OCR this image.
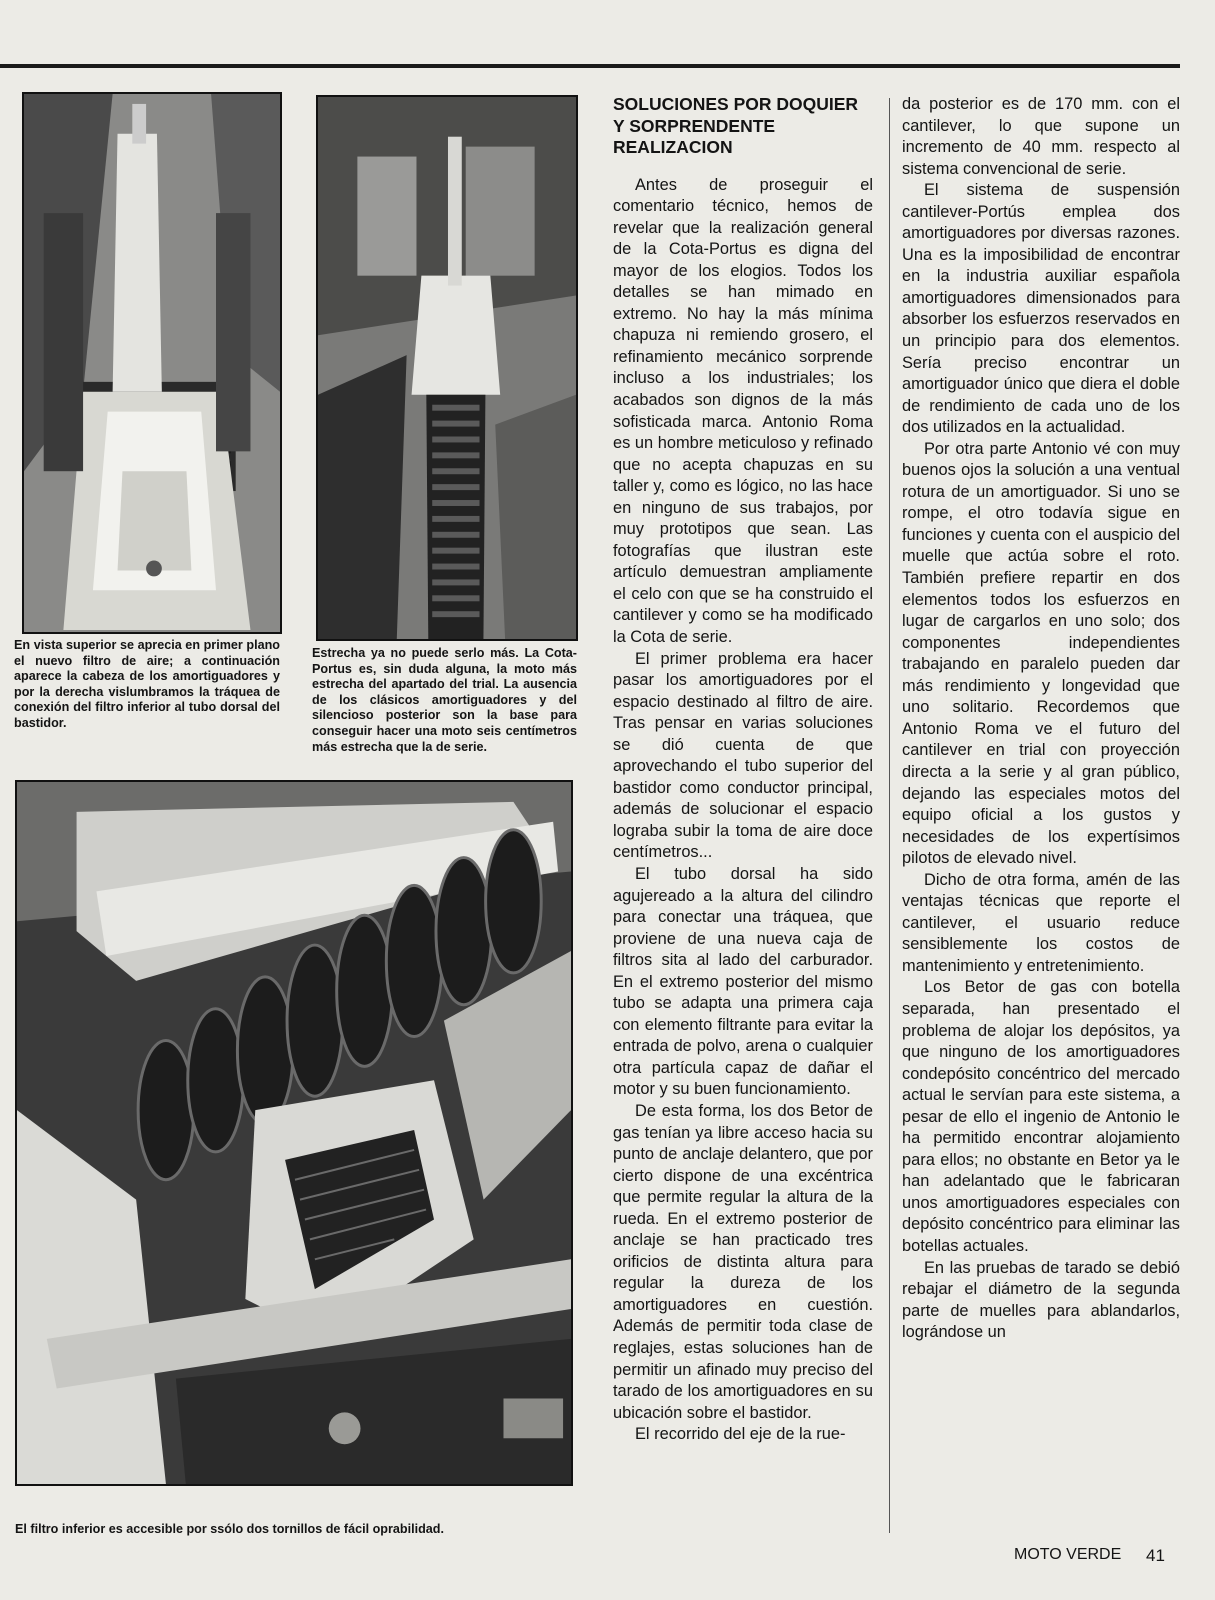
En vista superior se aprecia en primer plano el nuevo filtro de aire; a continuación aparece la cabeza de los amortiguadores y por la derecha vislumbramos la tráquea de conexión del filtro inferior al tubo dorsal del bastidor.

Estrecha ya no puede serlo más. La Cota-Portus es, sin duda alguna, la moto más estrecha del apartado del trial. La ausencia de los clásicos amortiguadores y del silencioso posterior son la base para conseguir hacer una moto seis centímetros más estrecha que la de serie.

El filtro inferior es accesible por ssólo dos tornillos de fácil oprabilidad.

SOLUCIONES POR DOQUIER Y SORPRENDENTE REALIZACION

Antes de proseguir el comentario técnico, hemos de revelar que la realización general de la Cota-Portus es digna del mayor de los elogios. Todos los detalles se han mimado en extremo. No hay la más mínima chapuza ni remiendo grosero, el refinamiento mecánico sorprende incluso a los industriales; los acabados son dignos de la más sofisticada marca. Antonio Roma es un hombre meticuloso y refinado que no acepta chapuzas en su taller y, como es lógico, no las hace en ninguno de sus trabajos, por muy prototipos que sean. Las fotografías que ilustran este artículo demuestran ampliamente el celo con que se ha construido el cantilever y como se ha modificado la Cota de serie.

El primer problema era hacer pasar los amortiguadores por el espacio destinado al filtro de aire. Tras pensar en varias soluciones se dió cuenta de que aprovechando el tubo superior del bastidor como conductor principal, además de solucionar el espacio lograba subir la toma de aire doce centímetros...

El tubo dorsal ha sido agujereado a la altura del cilindro para conectar una tráquea, que proviene de una nueva caja de filtros sita al lado del carburador. En el extremo posterior del mismo tubo se adapta una primera caja con elemento filtrante para evitar la entrada de polvo, arena o cualquier otra partícula capaz de dañar el motor y su buen funcionamiento.

De esta forma, los dos Betor de gas tenían ya libre acceso hacia su punto de anclaje delantero, que por cierto dispone de una excéntrica que permite regular la altura de la rueda. En el extremo posterior de anclaje se han practicado tres orificios de distinta altura para regular la dureza de los amortiguadores en cuestión. Además de permitir toda clase de reglajes, estas soluciones han de permitir un afinado muy preciso del tarado de los amortiguadores en su ubicación sobre el bastidor.

El recorrido del eje de la rue-

da posterior es de 170 mm. con el cantilever, lo que supone un incremento de 40 mm. respecto al sistema convencional de serie.

El sistema de suspensión cantilever-Portús emplea dos amortiguadores por diversas razones. Una es la imposibilidad de encontrar en la industria auxiliar española amortiguadores dimensionados para absorber los esfuerzos reservados en un principio para dos elementos. Sería preciso encontrar un amortiguador único que diera el doble de rendimiento de cada uno de los dos utilizados en la actualidad.

Por otra parte Antonio vé con muy buenos ojos la solución a una ventual rotura de un amortiguador. Si uno se rompe, el otro todavía sigue en funciones y cuenta con el auspicio del muelle que actúa sobre el roto. También prefiere repartir en dos elementos todos los esfuerzos en lugar de cargarlos en uno solo; dos componentes independientes trabajando en paralelo pueden dar más rendimiento y longevidad que uno solitario. Recordemos que Antonio Roma ve el futuro del cantilever en trial con proyección directa a la serie y al gran público, dejando las especiales motos del equipo oficial a los gustos y necesidades de los expertísimos pilotos de elevado nivel.

Dicho de otra forma, amén de las ventajas técnicas que reporte el cantilever, el usuario reduce sensiblemente los costos de mantenimiento y entretenimiento.

Los Betor de gas con botella separada, han presentado el problema de alojar los depósitos, ya que ninguno de los amortiguadores condepósito concéntrico del mercado actual le servían para este sistema, a pesar de ello el ingenio de Antonio le ha permitido encontrar alojamiento para ellos; no obstante en Betor ya le han adelantado que le fabricaran unos amortiguadores especiales con depósito concéntrico para eliminar las botellas actuales.

En las pruebas de tarado se debió rebajar el diámetro de la segunda parte de muelles para ablandarlos, lográndose un

MOTO VERDE 41
